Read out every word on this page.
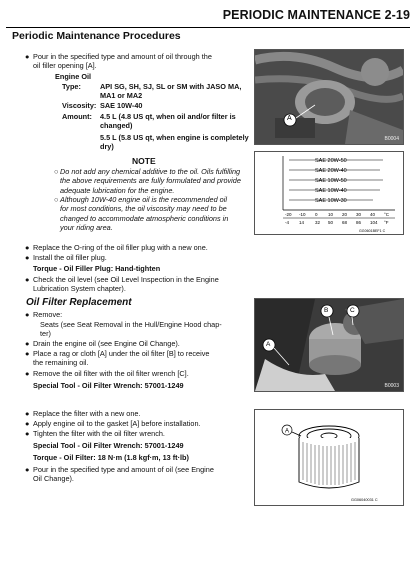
PERIODIC MAINTENANCE 2-19
Periodic Maintenance Procedures
● Pour in the specified type and amount of oil through the
oil filler opening [A].
Engine Oil
Type:	API SG, SH, SJ, SL or SM with JASO MA,
MA1 or MA2
Viscosity: SAE 10W-40
Amount: 4.5 L (4.8 US qt, when oil and/or filter is
changed)
5.5 L (5.8 US qt, when engine is completely
dry)
NOTE
○ Do not add any chemical additive to the oil. Oils fulfilling
the above requirements are fully formulated and provide
adequate lubrication for the engine.
○ Although 10W-40 engine oil is the recommended oil
for most conditions, the oil viscosity may need to be
changed to accommodate atmospheric conditions in
your riding area.
● Replace the O-ring of the oil filler plug with a new one.
● Install the oil filler plug.
Torque - Oil Filler Plug: Hand-tighten
● Check the oil level (see Oil Level Inspection in the Engine
Lubrication System chapter).
Oil Filter Replacement
● Remove:
Seats (see Seat Removal in the Hull/Engine Hood chap-
ter)
● Drain the engine oil (see Engine Oil Change).
● Place a rag or cloth [A] under the oil filter [B] to receive
the remaining oil.
● Remove the oil filter with the oil filter wrench [C].
Special Tool - Oil Filter Wrench: 57001-1249
● Replace the filter with a new one.
● Apply engine oil to the gasket [A] before installation.
● Tighten the filter with the oil filter wrench.
Special Tool - Oil Filter Wrench: 57001-1249
Torque - Oil Filter: 18 N·m (1.8 kgf·m, 13 ft·lb)
● Pour in the specified type and amount of oil (see Engine
Oil Change).
A
B0004
SAE 20W-50
SAE 20W-40
SAE 10W-50
SAE 10W-40
SAE 10W-30
-20 -10 0 10 20 30 40 °C
-4 14 32 50 68 86 104 °F
GG0601BEF1 C
B	C
A
B0003
A
GG06040031 C
